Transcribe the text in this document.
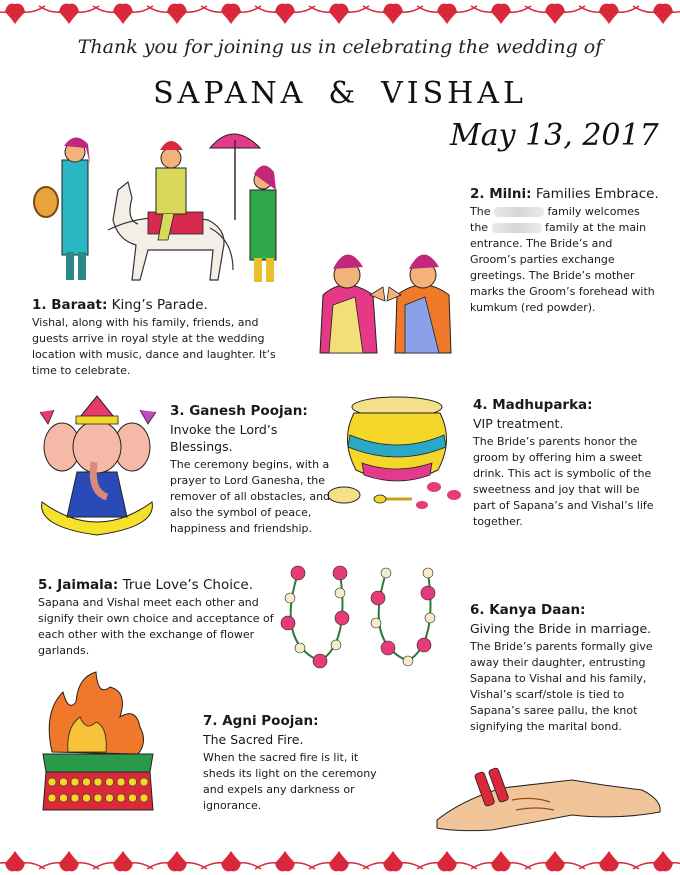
Thank you for joining us in celebrating the wedding of
SAPANA & VISHAL
May 13, 2017
1. Baraat: King’s Parade.
Vishal, along with his family, friends, and guests arrive in royal style at the wedding location with music, dance and laughter. It’s time to celebrate.
2. Milni: Families Embrace.
The	family welcomes the	family at the main entrance. The Bride’s and Groom’s parties exchange greetings. The Bride’s mother marks the Groom’s forehead with kumkum (red powder).
3. Ganesh Poojan:
Invoke the Lord’s Blessings.
The ceremony begins, with a prayer to Lord Ganesha, the remover of all obstacles, and also the symbol of peace, happiness and friendship.
4. Madhuparka:
VIP treatment.
The Bride’s parents honor the groom by offering him a sweet drink. This act is symbolic of the sweetness and joy that will be part of Sapana’s and Vishal’s life together.
5. Jaimala: True Love’s Choice.
Sapana and Vishal meet each other and signify their own choice and acceptance of each other with the exchange of flower garlands.
6. Kanya Daan:
Giving the Bride in marriage.
The Bride’s parents formally give away their daughter, entrusting Sapana to Vishal and his family, Vishal’s scarf/stole is tied to Sapana’s saree pallu, the knot signifying the marital bond.
7. Agni Poojan:
The Sacred Fire.
When the sacred fire is lit, it sheds its light on the ceremony and expels any darkness or ignorance.
